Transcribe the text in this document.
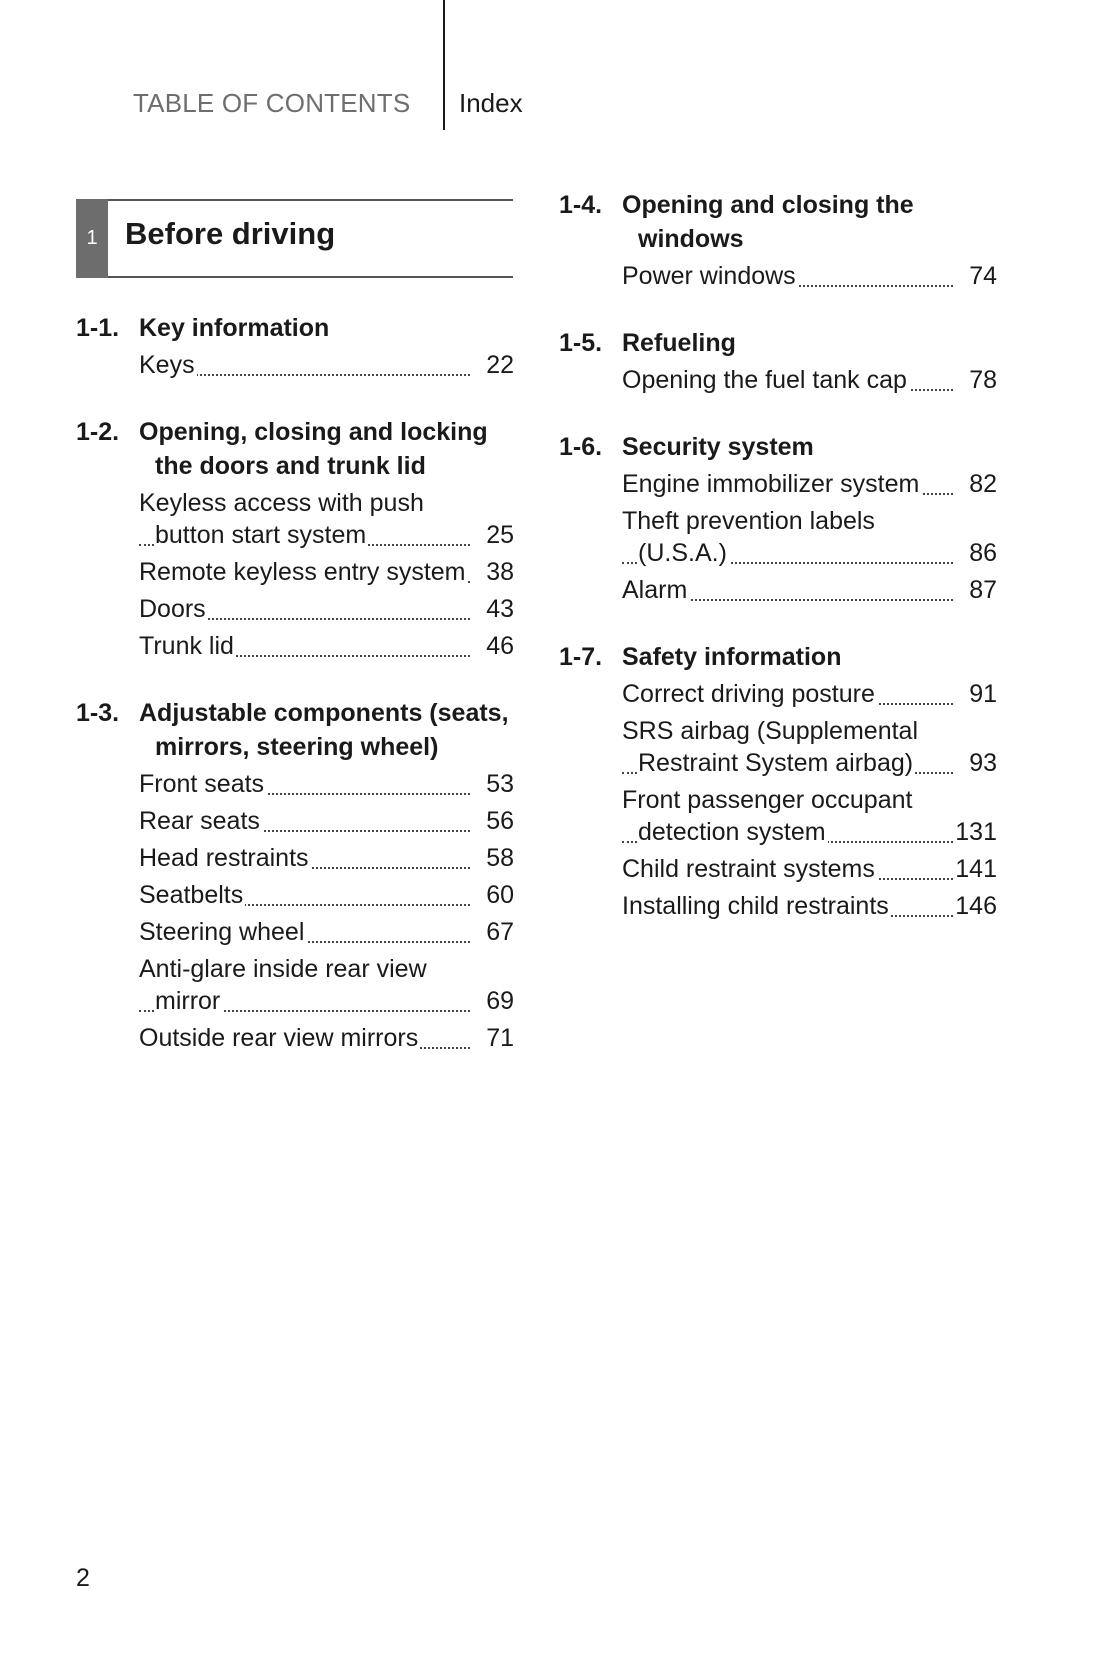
TABLE OF CONTENTS Index
1 Before driving
1-1. Key information
Keys	22
1-2. Opening, closing and locking the doors and trunk lid
Keyless access with push button start system	25
Remote keyless entry system 38
Doors	43
Trunk lid	46
1-3. Adjustable components (seats, mirrors, steering wheel)
Front seats	53
Rear seats	56
Head restraints	58
Seatbelts	60
Steering wheel	67
Anti-glare inside rear view mirror	69
Outside rear view mirrors	71
1-4. Opening and closing the windows
Power windows	74
1-5. Refueling
Opening the fuel tank cap	78
1-6. Security system
Engine immobilizer system	82
Theft prevention labels (U.S.A.)	86
Alarm	87
1-7. Safety information
Correct driving posture	91
SRS airbag (Supplemental Restraint System airbag)	93
Front passenger occupant detection system	131
Child restraint systems	141
Installing child restraints	146
2
